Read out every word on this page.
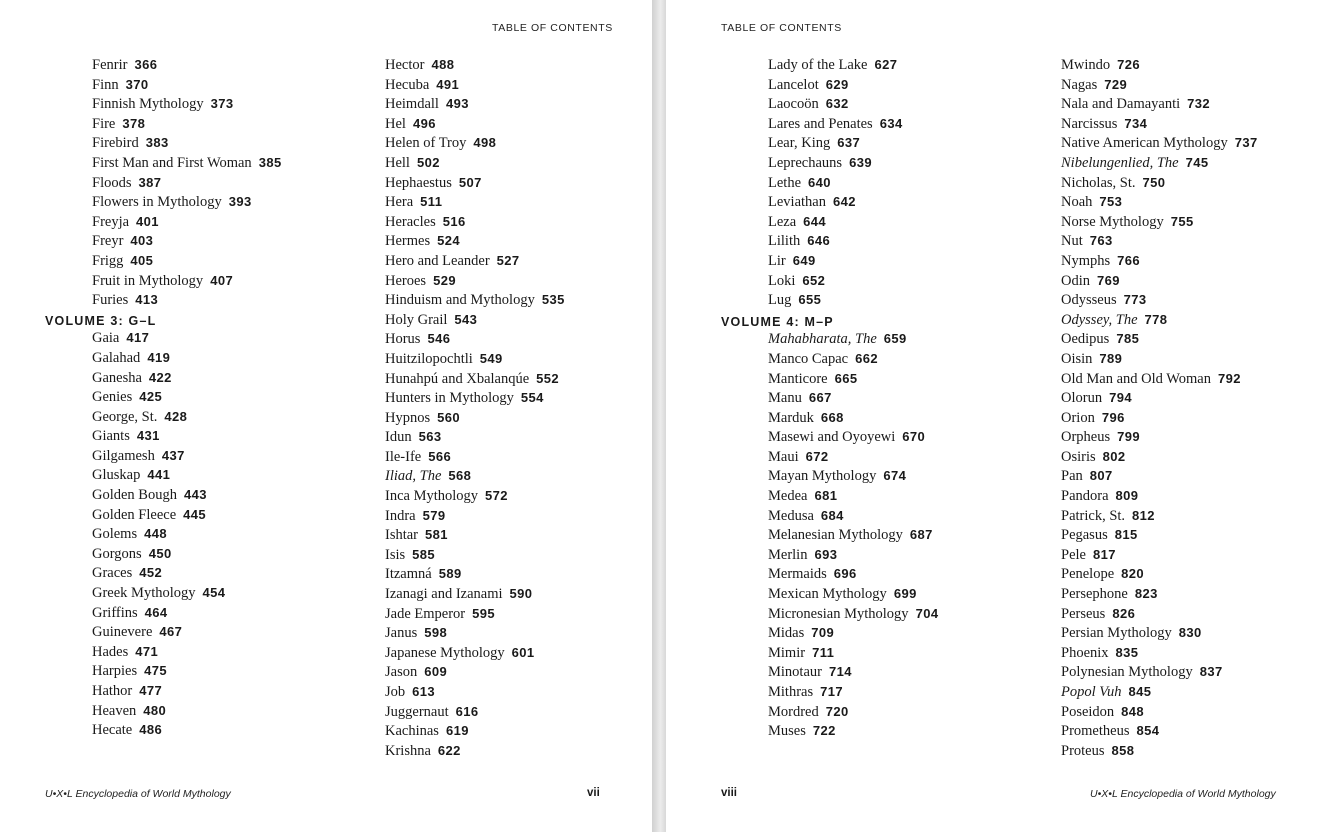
TABLE OF CONTENTS
Fenrir 366
Finn 370
Finnish Mythology 373
Fire 378
Firebird 383
First Man and First Woman 385
Floods 387
Flowers in Mythology 393
Freyja 401
Freyr 403
Frigg 405
Fruit in Mythology 407
Furies 413
VOLUME 3: G–L
Gaia 417
Galahad 419
Ganesha 422
Genies 425
George, St. 428
Giants 431
Gilgamesh 437
Gluskap 441
Golden Bough 443
Golden Fleece 445
Golems 448
Gorgons 450
Graces 452
Greek Mythology 454
Griffins 464
Guinevere 467
Hades 471
Harpies 475
Hathor 477
Heaven 480
Hecate 486
Hector 488
Hecuba 491
Heimdall 493
Hel 496
Helen of Troy 498
Hell 502
Hephaestus 507
Hera 511
Heracles 516
Hermes 524
Hero and Leander 527
Heroes 529
Hinduism and Mythology 535
Holy Grail 543
Horus 546
Huitzilopochtli 549
Hunahpú and Xbalanqúe 552
Hunters in Mythology 554
Hypnos 560
Idun 563
Ile-Ife 566
Iliad, The 568
Inca Mythology 572
Indra 579
Ishtar 581
Isis 585
Itzamná 589
Izanagi and Izanami 590
Jade Emperor 595
Janus 598
Japanese Mythology 601
Jason 609
Job 613
Juggernaut 616
Kachinas 619
Krishna 622
U•X•L Encyclopedia of World Mythology	vii
TABLE OF CONTENTS
Lady of the Lake 627
Lancelot 629
Laocoön 632
Lares and Penates 634
Lear, King 637
Leprechauns 639
Lethe 640
Leviathan 642
Leza 644
Lilith 646
Lir 649
Loki 652
Lug 655
VOLUME 4: M–P
Mahabharata, The 659
Manco Capac 662
Manticore 665
Manu 667
Marduk 668
Masewi and Oyoyewi 670
Maui 672
Mayan Mythology 674
Medea 681
Medusa 684
Melanesian Mythology 687
Merlin 693
Mermaids 696
Mexican Mythology 699
Micronesian Mythology 704
Midas 709
Mimir 711
Minotaur 714
Mithras 717
Mordred 720
Muses 722
Mwindo 726
Nagas 729
Nala and Damayanti 732
Narcissus 734
Native American Mythology 737
Nibelungenlied, The 745
Nicholas, St. 750
Noah 753
Norse Mythology 755
Nut 763
Nymphs 766
Odin 769
Odysseus 773
Odyssey, The 778
Oedipus 785
Oisin 789
Old Man and Old Woman 792
Olorun 794
Orion 796
Orpheus 799
Osiris 802
Pan 807
Pandora 809
Patrick, St. 812
Pegasus 815
Pele 817
Penelope 820
Persephone 823
Perseus 826
Persian Mythology 830
Phoenix 835
Polynesian Mythology 837
Popol Vuh 845
Poseidon 848
Prometheus 854
Proteus 858
viii	U•X•L Encyclopedia of World Mythology
